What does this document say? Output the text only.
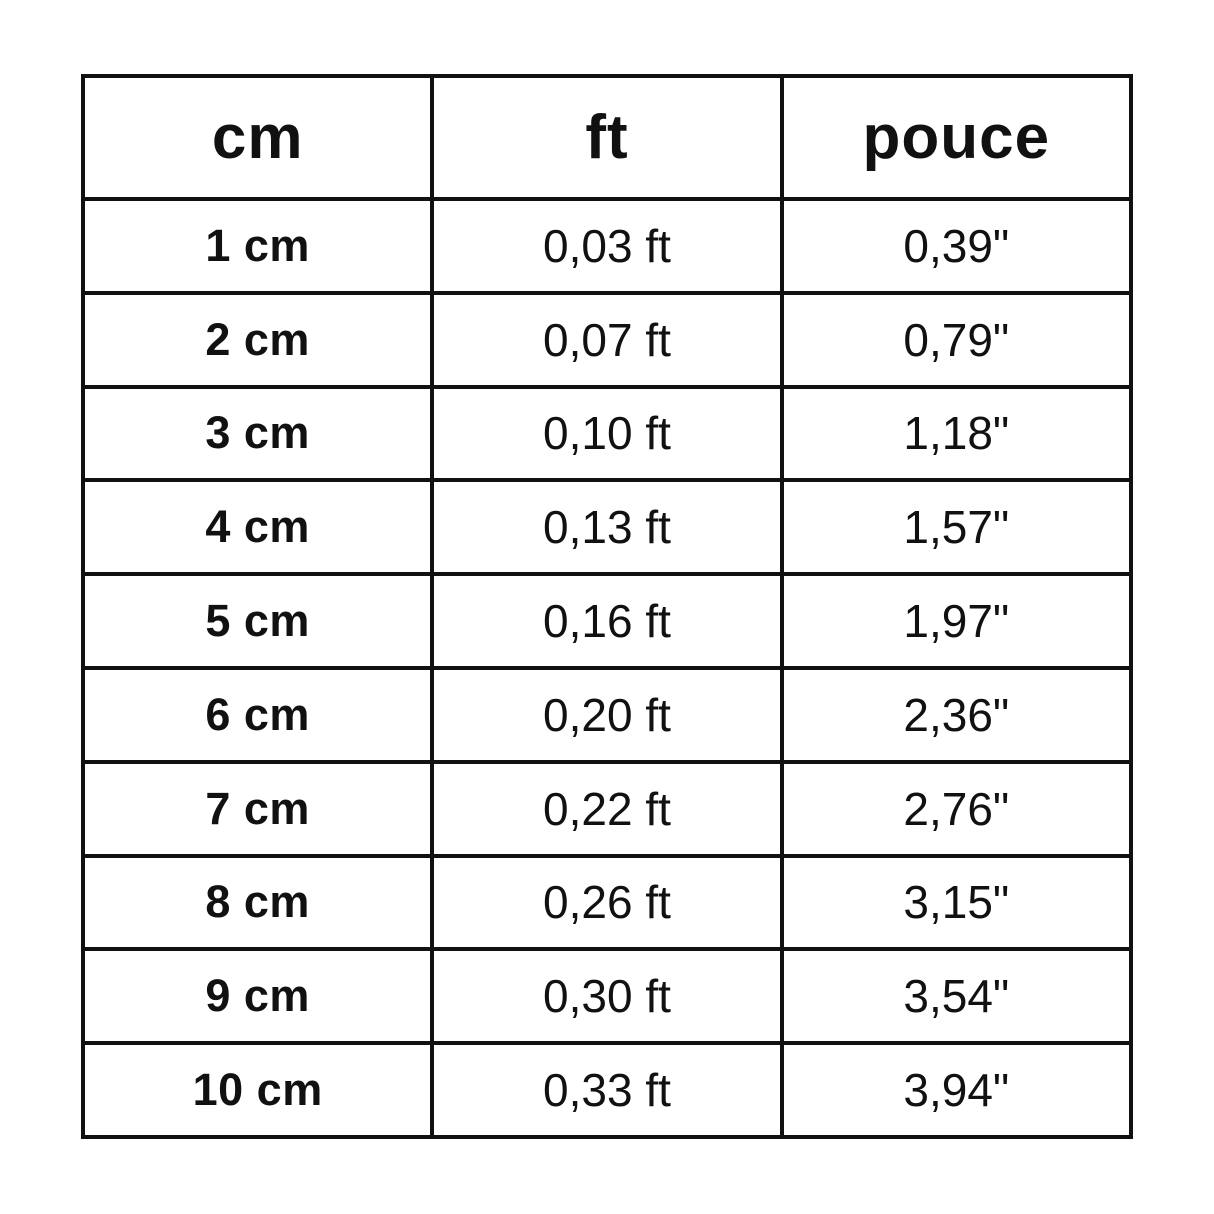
cm	ft	pouce
1 cm	0,03 ft	0,39"
2 cm	0,07 ft	0,79"
3 cm	0,10 ft	1,18"
4 cm	0,13 ft	1,57"
5 cm	0,16 ft	1,97"
6 cm	0,20 ft	2,36"
7 cm	0,22 ft	2,76"
8 cm	0,26 ft	3,15"
9 cm	0,30 ft	3,54"
10 cm	0,33 ft	3,94"
